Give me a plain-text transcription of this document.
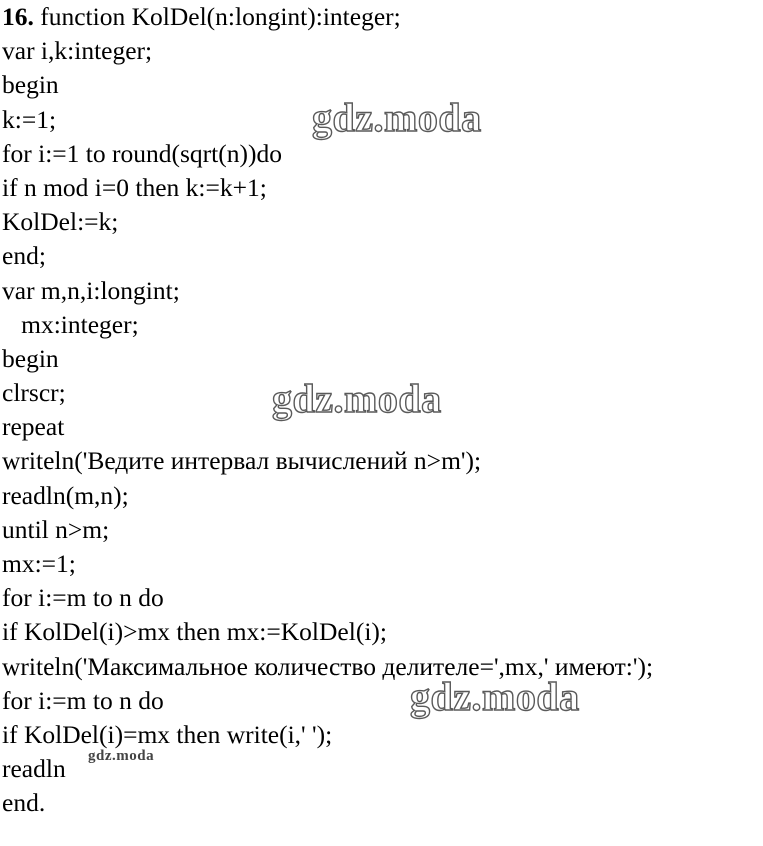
16. function KolDel(n:longint):integer;
var i,k:integer;
begin
k:=1;
for i:=1 to round(sqrt(n))do
if n mod i=0 then k:=k+1;
KolDel:=k;
end;
var m,n,i:longint;
mx:integer;
begin
clrscr;
repeat
writeln('Ведите интервал вычислений n>m');
readln(m,n);
until n>m;
mx:=1;
for i:=m to n do
if KolDel(i)>mx then mx:=KolDel(i);
writeln('Максимальное количество делителе=',mx,' имеют:');
for i:=m to n do
if KolDel(i)=mx then write(i,' ');
readln
end.
gdz.moda
gdz.moda
gdz.moda
gdz.moda
